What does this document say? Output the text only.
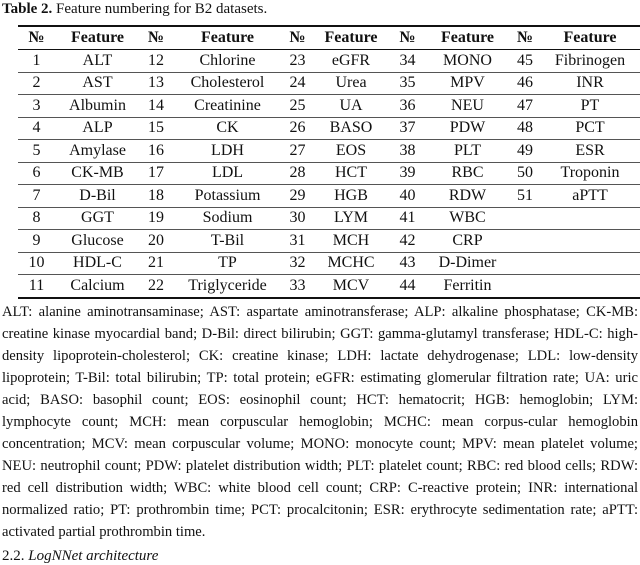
Table 2. Feature numbering for B2 datasets.
№	Feature	№	Feature	№	Feature	№	Feature	№	Feature
1	ALT	12	Chlorine	23	eGFR	34	MONO	45	Fibrinogen
2	AST	13	Cholesterol	24	Urea	35	MPV	46	INR
3	Albumin	14	Creatinine	25	UA	36	NEU	47	PT
4	ALP	15	CK	26	BASO	37	PDW	48	PCT
5	Amylase	16	LDH	27	EOS	38	PLT	49	ESR
6	CK-MB	17	LDL	28	HCT	39	RBC	50	Troponin
7	D-Bil	18	Potassium	29	HGB	40	RDW	51	aPTT
8	GGT	19	Sodium	30	LYM	41	WBC		
9	Glucose	20	T-Bil	31	MCH	42	CRP		
10	HDL-C	21	TP	32	MCHC	43	D-Dimer		
11	Calcium	22	Triglyceride	33	MCV	44	Ferritin		
ALT: alanine aminotransaminase; AST: aspartate aminotransferase; ALP: alkaline phosphatase; CK-MB: creatine kinase myocardial band; D-Bil: direct bilirubin; GGT: gamma-glutamyl transferase; HDL-C: high-density lipoprotein-cholesterol; CK: creatine kinase; LDH: lactate dehydrogenase; LDL: low-density lipoprotein; T-Bil: total bilirubin; TP: total protein; eGFR: estimating glomerular filtration rate; UA: uric acid; BASO: basophil count; EOS: eosinophil count; HCT: hematocrit; HGB: hemoglobin; LYM: lymphocyte count; MCH: mean corpuscular hemoglobin; MCHC: mean corpus-cular hemoglobin concentration; MCV: mean corpuscular volume; MONO: monocyte count; MPV: mean platelet volume; NEU: neutrophil count; PDW: platelet distribution width; PLT: platelet count; RBC: red blood cells; RDW: red cell distribution width; WBC: white blood cell count; CRP: C-reactive protein; INR: international normalized ratio; PT: prothrombin time; PCT: procalcitonin; ESR: erythrocyte sedimentation rate; aPTT: activated partial prothrombin time.
2.2. LogNNet architecture
